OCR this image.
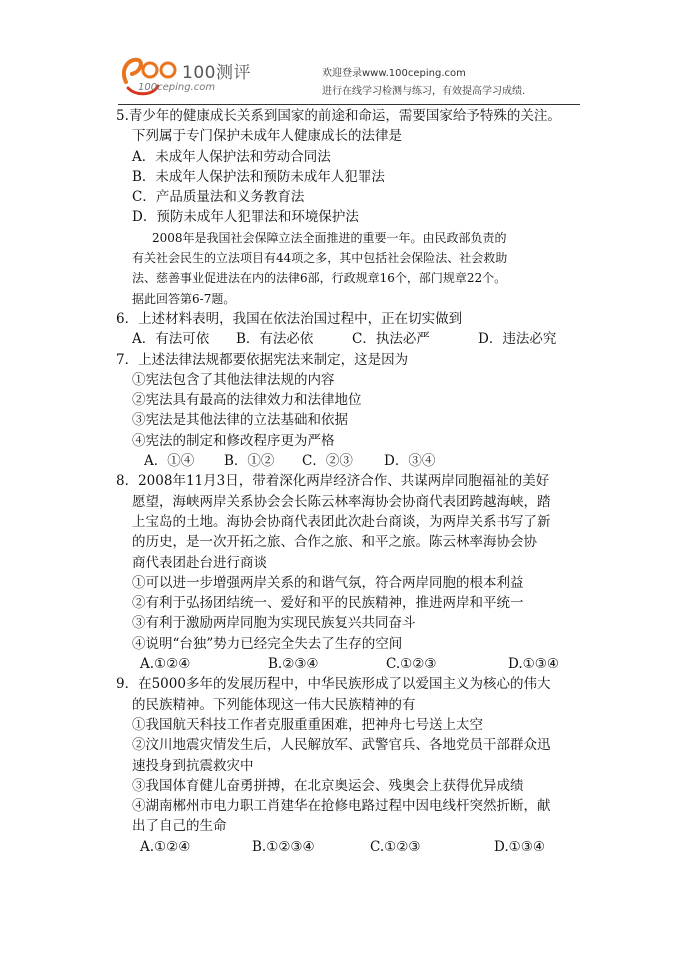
100测评
100ceping.com
欢迎登录www.100ceping.com
进行在线学习检测与练习，有效提高学习成绩.
5.青少年的健康成长关系到国家的前途和命运，需要国家给予特殊的关注。
下列属于专门保护未成年人健康成长的法律是
A．未成年人保护法和劳动合同法
B．未成年人保护法和预防未成年人犯罪法
C．产品质量法和义务教育法
D．预防未成年人犯罪法和环境保护法
2008年是我国社会保障立法全面推进的重要一年。由民政部负责的
有关社会民生的立法项目有44项之多，其中包括社会保险法、社会救助
法、慈善事业促进法在内的法律6部，行政规章16个，部门规章22个。
据此回答第6-7题。
6．上述材料表明，我国在依法治国过程中，正在切实做到
A．有法可依	B．有法必依	C．执法必严	D．违法必究
7．上述法律法规都要依据宪法来制定，这是因为
①宪法包含了其他法律法规的内容
②宪法具有最高的法律效力和法律地位
③宪法是其他法律的立法基础和依据
④宪法的制定和修改程序更为严格
A．①④	B．①②	C．②③	D．③④
8．2008年11月3日，带着深化两岸经济合作、共谋两岸同胞福祉的美好
愿望，海峡两岸关系协会会长陈云林率海协会协商代表团跨越海峡，踏
上宝岛的土地。海协会协商代表团此次赴台商谈，为两岸关系书写了新
的历史，是一次开拓之旅、合作之旅、和平之旅。陈云林率海协会协
商代表团赴台进行商谈
①可以进一步增强两岸关系的和谐气氛，符合两岸同胞的根本利益
②有利于弘扬团结统一、爱好和平的民族精神，推进两岸和平统一
③有利于激励两岸同胞为实现民族复兴共同奋斗
④说明“台独”势力已经完全失去了生存的空间
A.①②④	B.②③④	C.①②③	D.①③④
9．在5000多年的发展历程中，中华民族形成了以爱国主义为核心的伟大
的民族精神。下列能体现这一伟大民族精神的有
①我国航天科技工作者克服重重困难，把神舟七号送上太空
②汶川地震灾情发生后，人民解放军、武警官兵、各地党员干部群众迅
速投身到抗震救灾中
③我国体育健儿奋勇拼搏，在北京奥运会、残奥会上获得优异成绩
④湖南郴州市电力职工肖建华在抢修电路过程中因电线杆突然折断，献
出了自己的生命
A.①②④	B.①②③④	C.①②③	D.①③④
